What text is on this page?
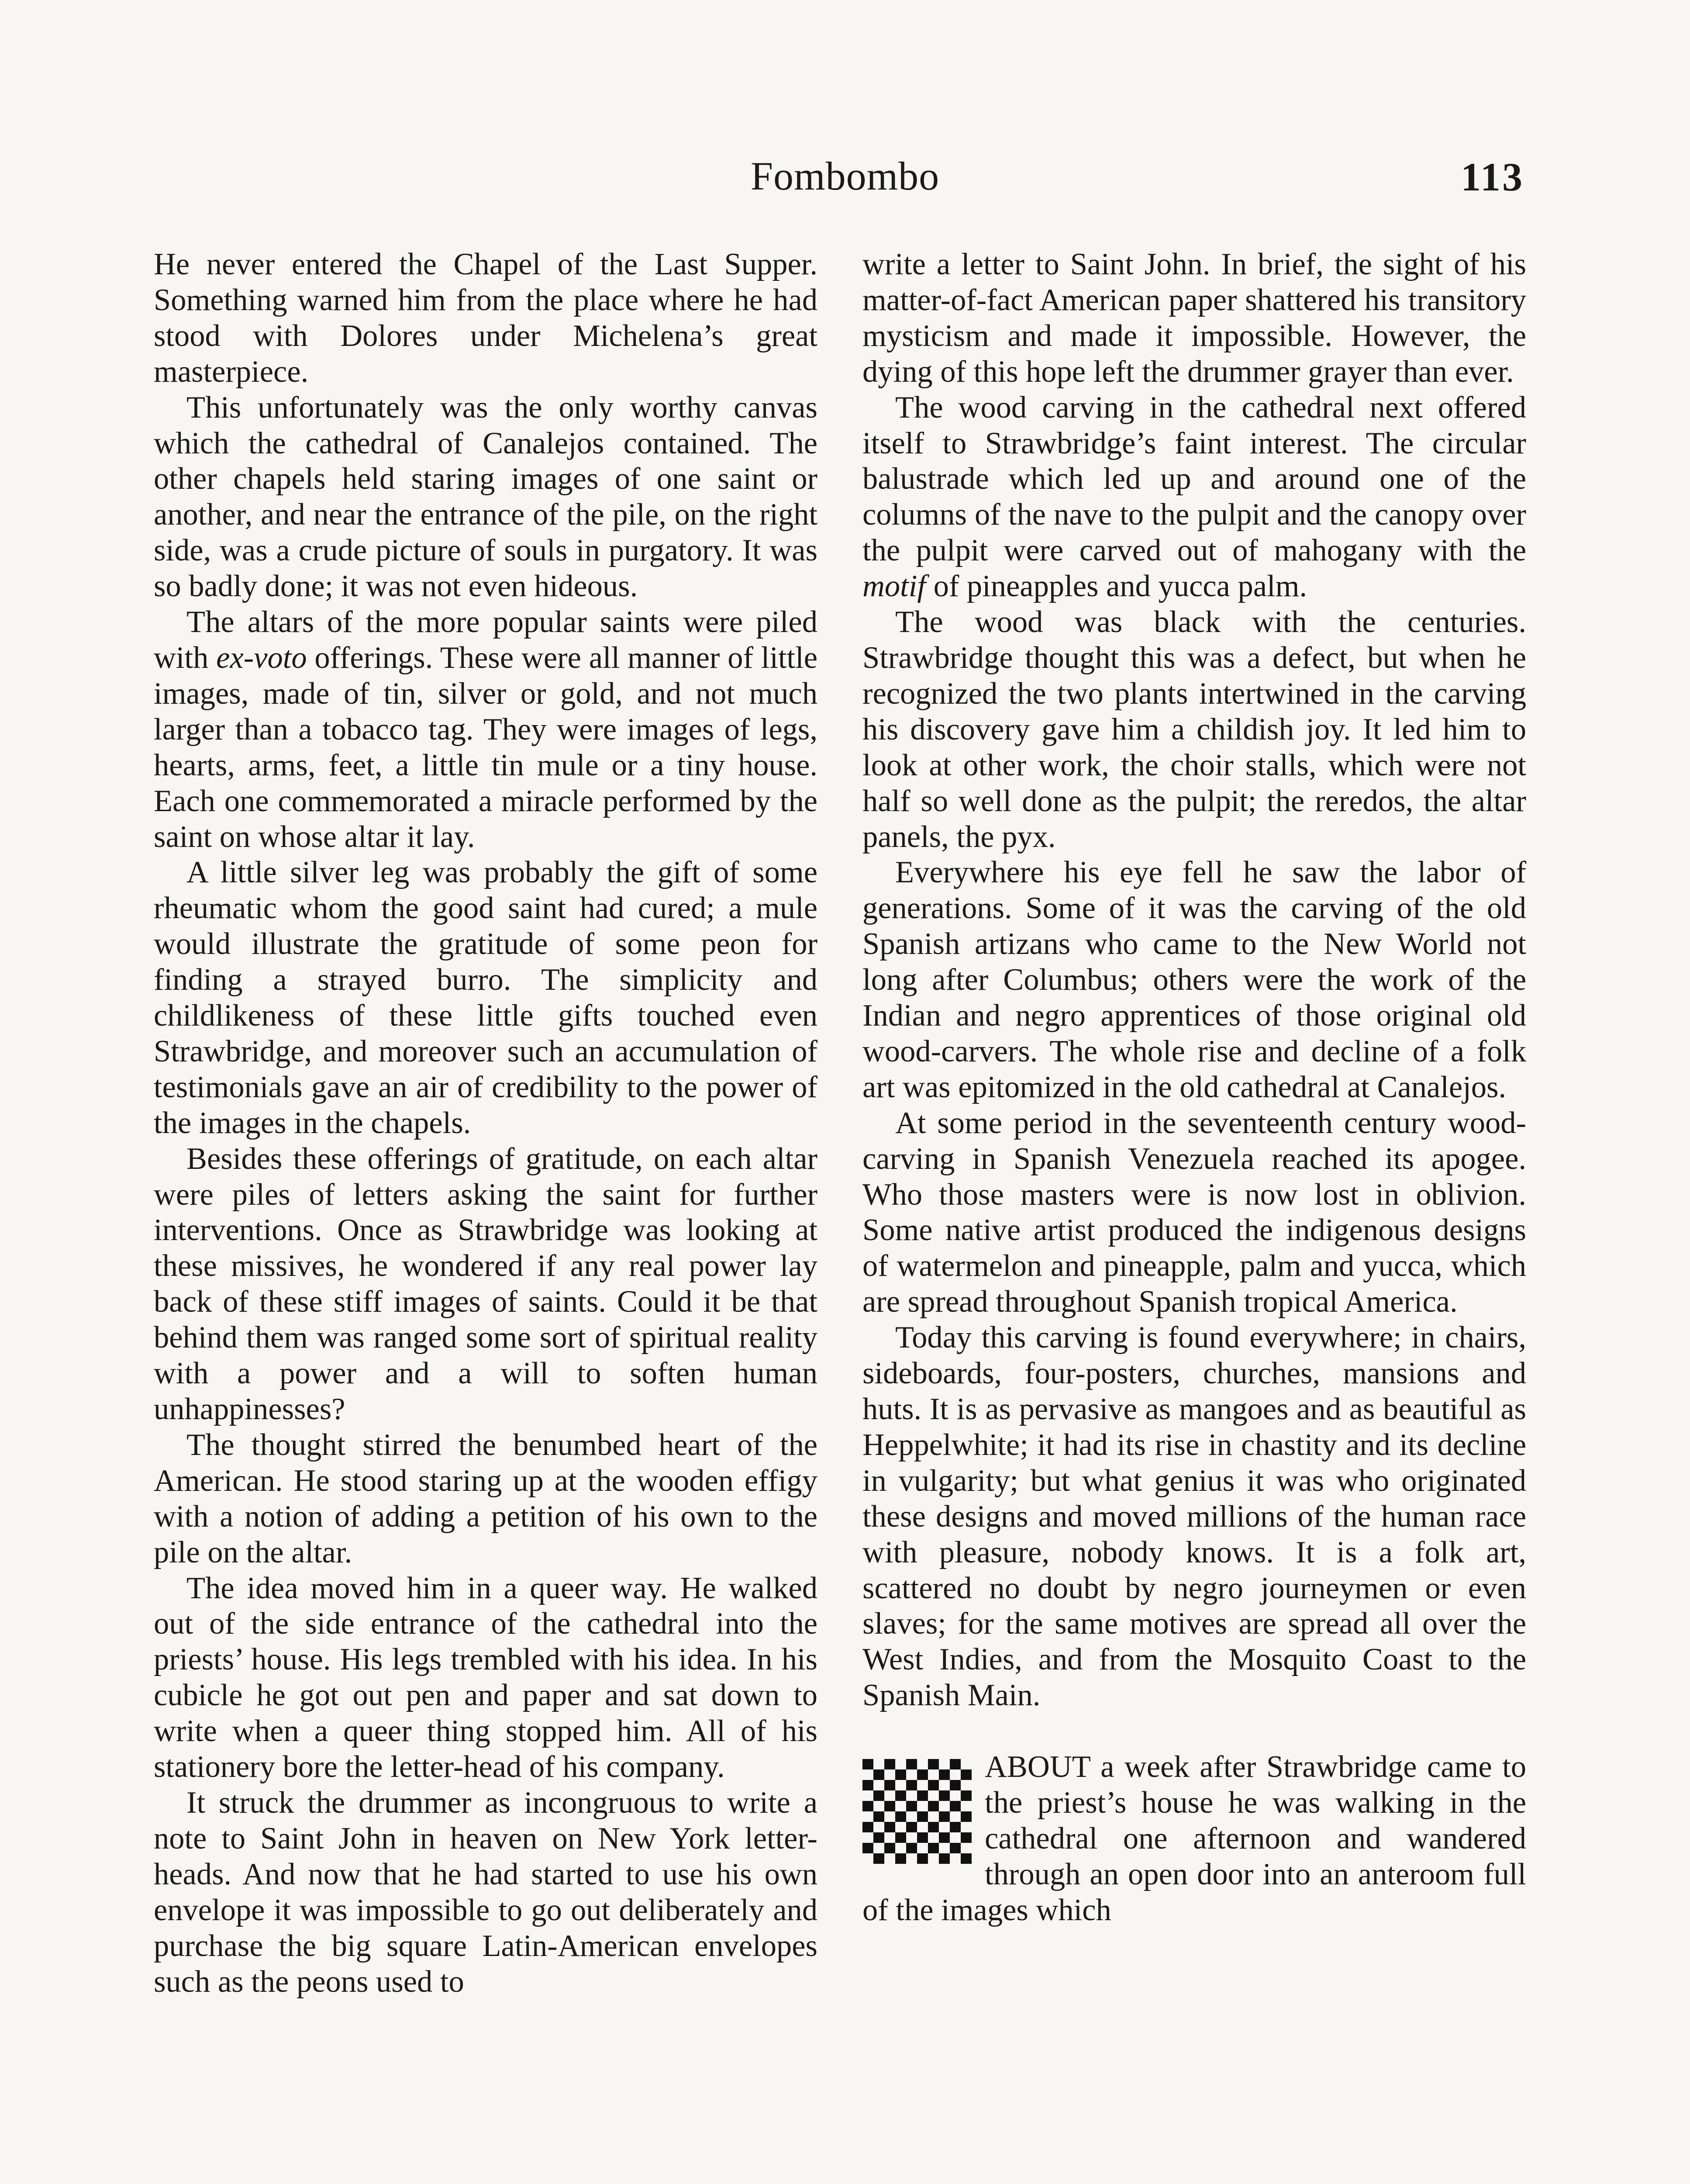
Fombombo	113

He never entered the Chapel of the Last Supper. Something warned him from the place where he had stood with Dolores under Michelena’s great masterpiece.

This unfortunately was the only worthy canvas which the cathedral of Canalejos contained. The other chapels held staring images of one saint or another, and near the entrance of the pile, on the right side, was a crude picture of souls in purgatory. It was so badly done; it was not even hideous.

The altars of the more popular saints were piled with ex-voto offerings. These were all manner of little images, made of tin, silver or gold, and not much larger than a tobacco tag. They were images of legs, hearts, arms, feet, a little tin mule or a tiny house. Each one commemorated a miracle performed by the saint on whose altar it lay.

A little silver leg was probably the gift of some rheumatic whom the good saint had cured; a mule would illustrate the gratitude of some peon for finding a strayed burro. The simplicity and childlikeness of these little gifts touched even Strawbridge, and moreover such an accumulation of testimonials gave an air of credibility to the power of the images in the chapels.

Besides these offerings of gratitude, on each altar were piles of letters asking the saint for further interventions. Once as Strawbridge was looking at these missives, he wondered if any real power lay back of these stiff images of saints. Could it be that behind them was ranged some sort of spiritual reality with a power and a will to soften human unhappinesses?

The thought stirred the benumbed heart of the American. He stood staring up at the wooden effigy with a notion of adding a petition of his own to the pile on the altar.

The idea moved him in a queer way. He walked out of the side entrance of the cathedral into the priests’ house. His legs trembled with his idea. In his cubicle he got out pen and paper and sat down to write when a queer thing stopped him. All of his stationery bore the letter-head of his company.

It struck the drummer as incongruous to write a note to Saint John in heaven on New York letter-heads. And now that he had started to use his own envelope it was impossible to go out deliberately and purchase the big square Latin-American envelopes such as the peons used to

write a letter to Saint John. In brief, the sight of his matter-of-fact American paper shattered his transitory mysticism and made it impossible. However, the dying of this hope left the drummer grayer than ever.

The wood carving in the cathedral next offered itself to Strawbridge’s faint interest. The circular balustrade which led up and around one of the columns of the nave to the pulpit and the canopy over the pulpit were carved out of mahogany with the motif of pineapples and yucca palm.

The wood was black with the centuries. Strawbridge thought this was a defect, but when he recognized the two plants intertwined in the carving his discovery gave him a childish joy. It led him to look at other work, the choir stalls, which were not half so well done as the pulpit; the reredos, the altar panels, the pyx.

Everywhere his eye fell he saw the labor of generations. Some of it was the carving of the old Spanish artizans who came to the New World not long after Columbus; others were the work of the Indian and negro apprentices of those original old wood-carvers. The whole rise and decline of a folk art was epitomized in the old cathedral at Canalejos.

At some period in the seventeenth century wood-carving in Spanish Venezuela reached its apogee. Who those masters were is now lost in oblivion. Some native artist produced the indigenous designs of watermelon and pineapple, palm and yucca, which are spread throughout Spanish tropical America.

Today this carving is found everywhere; in chairs, sideboards, four-posters, churches, mansions and huts. It is as pervasive as mangoes and as beautiful as Heppelwhite; it had its rise in chastity and its decline in vulgarity; but what genius it was who originated these designs and moved millions of the human race with pleasure, nobody knows. It is a folk art, scattered no doubt by negro journeymen or even slaves; for the same motives are spread all over the West Indies, and from the Mosquito Coast to the Spanish Main.

ABOUT a week after Strawbridge came to the priest’s house he was walking in the cathedral one afternoon and wandered through an open door into an anteroom full of the images which
